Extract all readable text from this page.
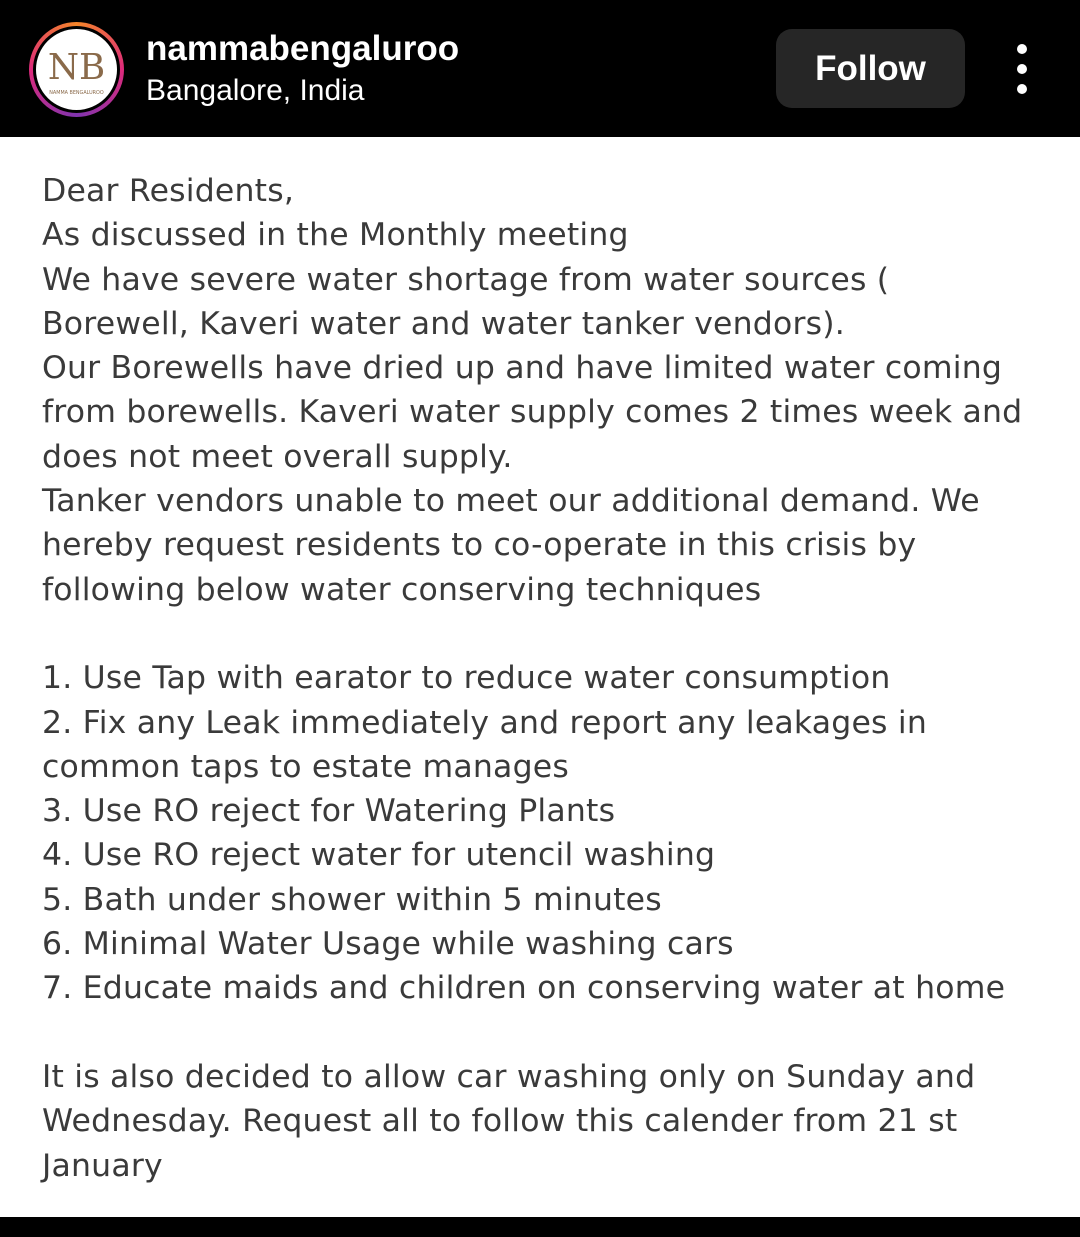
NB
NAMMA BENGALUROO
nammabengaluroo
Bangalore, India
Follow
Dear Residents,
As discussed in the Monthly meeting
We have severe water shortage from water sources (
Borewell, Kaveri water and water tanker vendors).
Our Borewells have dried up and have limited water coming
from borewells. Kaveri water supply comes 2 times week and
does not meet overall supply.
Tanker vendors unable to meet our additional demand. We
hereby request residents to co-operate in this crisis by
following below water conserving techniques
1. Use Tap with earator to reduce water consumption
2. Fix any Leak immediately and report any leakages in
common taps to estate manages
3. Use RO reject for Watering Plants
4. Use RO reject water for utencil washing
5. Bath under shower within 5 minutes
6. Minimal Water Usage while washing cars
7. Educate maids and children on conserving water at home
It is also decided to allow car washing only on Sunday and
Wednesday. Request all to follow this calender from 21 st
January
